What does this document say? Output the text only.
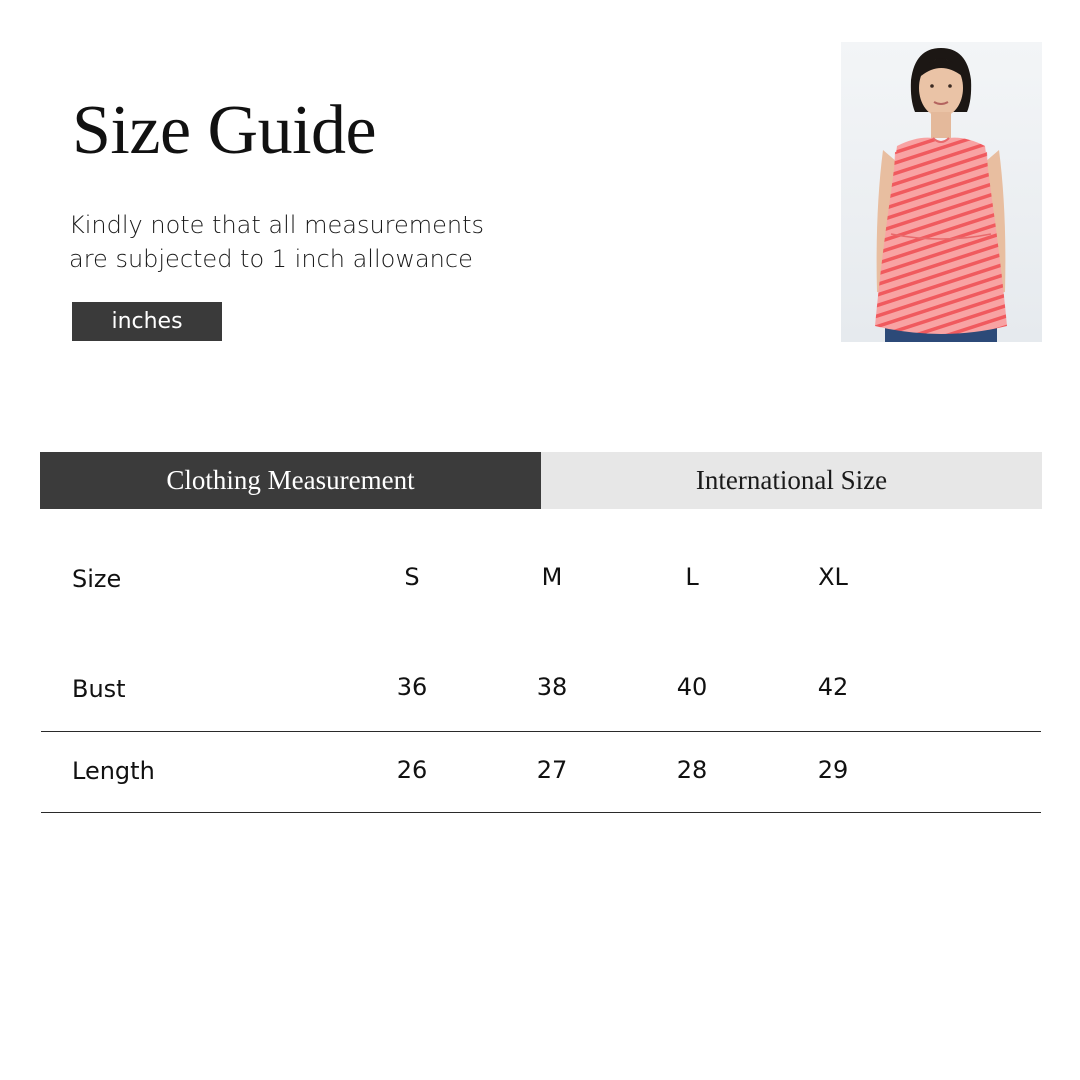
Size Guide
Kindly note that all measurements
are subjected to 1 inch allowance
inches
Clothing Measurement	International Size
Size	S	M	L	XL
Bust	36	38	40	42
Length	26	27	28	29
